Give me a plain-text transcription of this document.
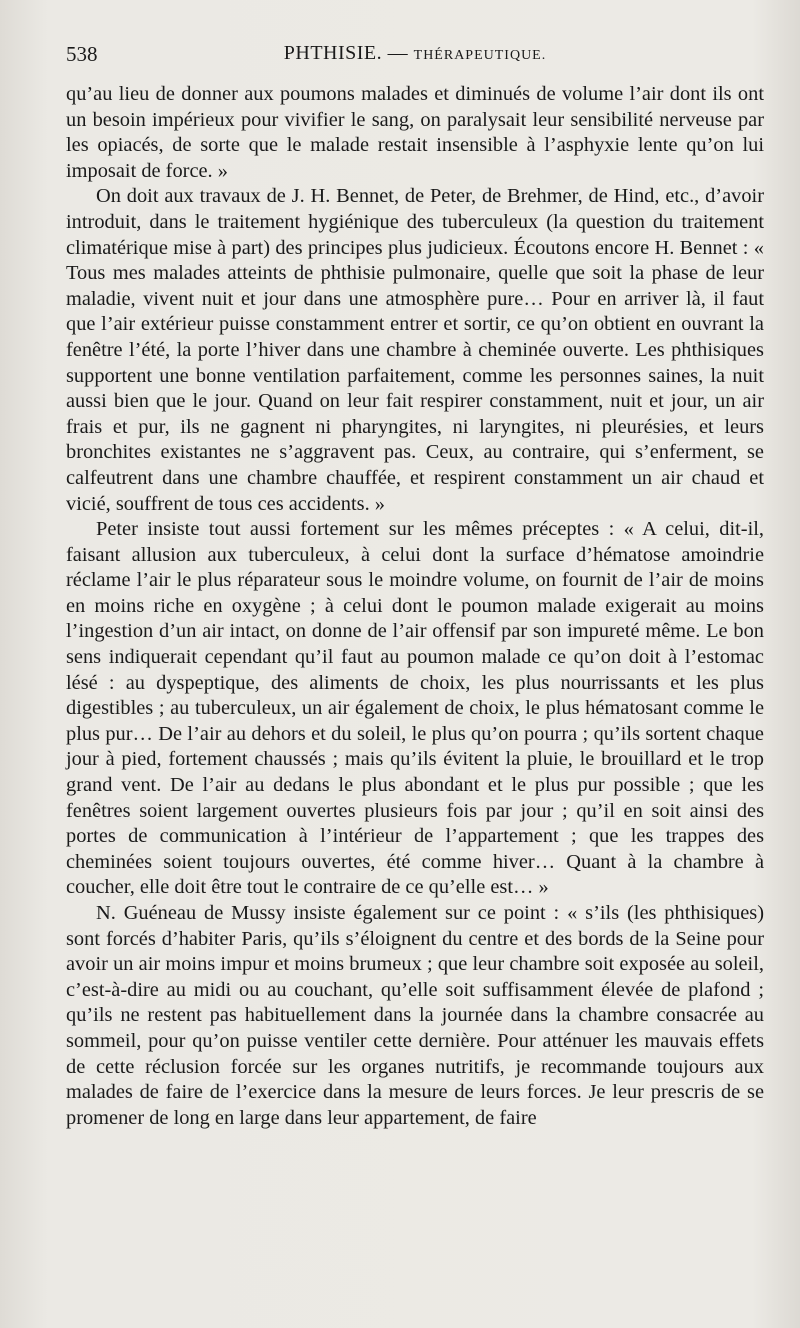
538	PHTHISIE. — THÉRAPEUTIQUE.

qu’au lieu de donner aux poumons malades et diminués de volume l’air dont ils ont un besoin impérieux pour vivifier le sang, on paralysait leur sensibilité nerveuse par les opiacés, de sorte que le malade restait insensible à l’asphyxie lente qu’on lui imposait de force. »

On doit aux travaux de J. H. Bennet, de Peter, de Brehmer, de Hind, etc., d’avoir introduit, dans le traitement hygiénique des tuberculeux (la question du traitement climatérique mise à part) des principes plus judicieux. Écoutons encore H. Bennet : « Tous mes malades atteints de phthisie pulmonaire, quelle que soit la phase de leur maladie, vivent nuit et jour dans une atmosphère pure… Pour en arriver là, il faut que l’air extérieur puisse constamment entrer et sortir, ce qu’on obtient en ouvrant la fenêtre l’été, la porte l’hiver dans une chambre à cheminée ouverte. Les phthisiques supportent une bonne ventilation parfaitement, comme les personnes saines, la nuit aussi bien que le jour. Quand on leur fait respirer constamment, nuit et jour, un air frais et pur, ils ne gagnent ni pharyngites, ni laryngites, ni pleurésies, et leurs bronchites existantes ne s’aggravent pas. Ceux, au contraire, qui s’enferment, se calfeutrent dans une chambre chauffée, et respirent constamment un air chaud et vicié, souffrent de tous ces accidents. »

Peter insiste tout aussi fortement sur les mêmes préceptes : « A celui, dit-il, faisant allusion aux tuberculeux, à celui dont la surface d’hématose amoindrie réclame l’air le plus réparateur sous le moindre volume, on fournit de l’air de moins en moins riche en oxygène ; à celui dont le poumon malade exigerait au moins l’ingestion d’un air intact, on donne de l’air offensif par son impureté même. Le bon sens indiquerait cependant qu’il faut au poumon malade ce qu’on doit à l’estomac lésé : au dyspeptique, des aliments de choix, les plus nourrissants et les plus digestibles ; au tuberculeux, un air également de choix, le plus hématosant comme le plus pur… De l’air au dehors et du soleil, le plus qu’on pourra ; qu’ils sortent chaque jour à pied, fortement chaussés ; mais qu’ils évitent la pluie, le brouillard et le trop grand vent. De l’air au dedans le plus abondant et le plus pur possible ; que les fenêtres soient largement ouvertes plusieurs fois par jour ; qu’il en soit ainsi des portes de communication à l’intérieur de l’appartement ; que les trappes des cheminées soient toujours ouvertes, été comme hiver… Quant à la chambre à coucher, elle doit être tout le contraire de ce qu’elle est… »

N. Guéneau de Mussy insiste également sur ce point : « s’ils (les phthisiques) sont forcés d’habiter Paris, qu’ils s’éloignent du centre et des bords de la Seine pour avoir un air moins impur et moins brumeux ; que leur chambre soit exposée au soleil, c’est-à-dire au midi ou au couchant, qu’elle soit suffisamment élevée de plafond ; qu’ils ne restent pas habituellement dans la journée dans la chambre consacrée au sommeil, pour qu’on puisse ventiler cette dernière. Pour atténuer les mauvais effets de cette réclusion forcée sur les organes nutritifs, je recommande toujours aux malades de faire de l’exercice dans la mesure de leurs forces. Je leur prescris de se promener de long en large dans leur appartement, de faire
